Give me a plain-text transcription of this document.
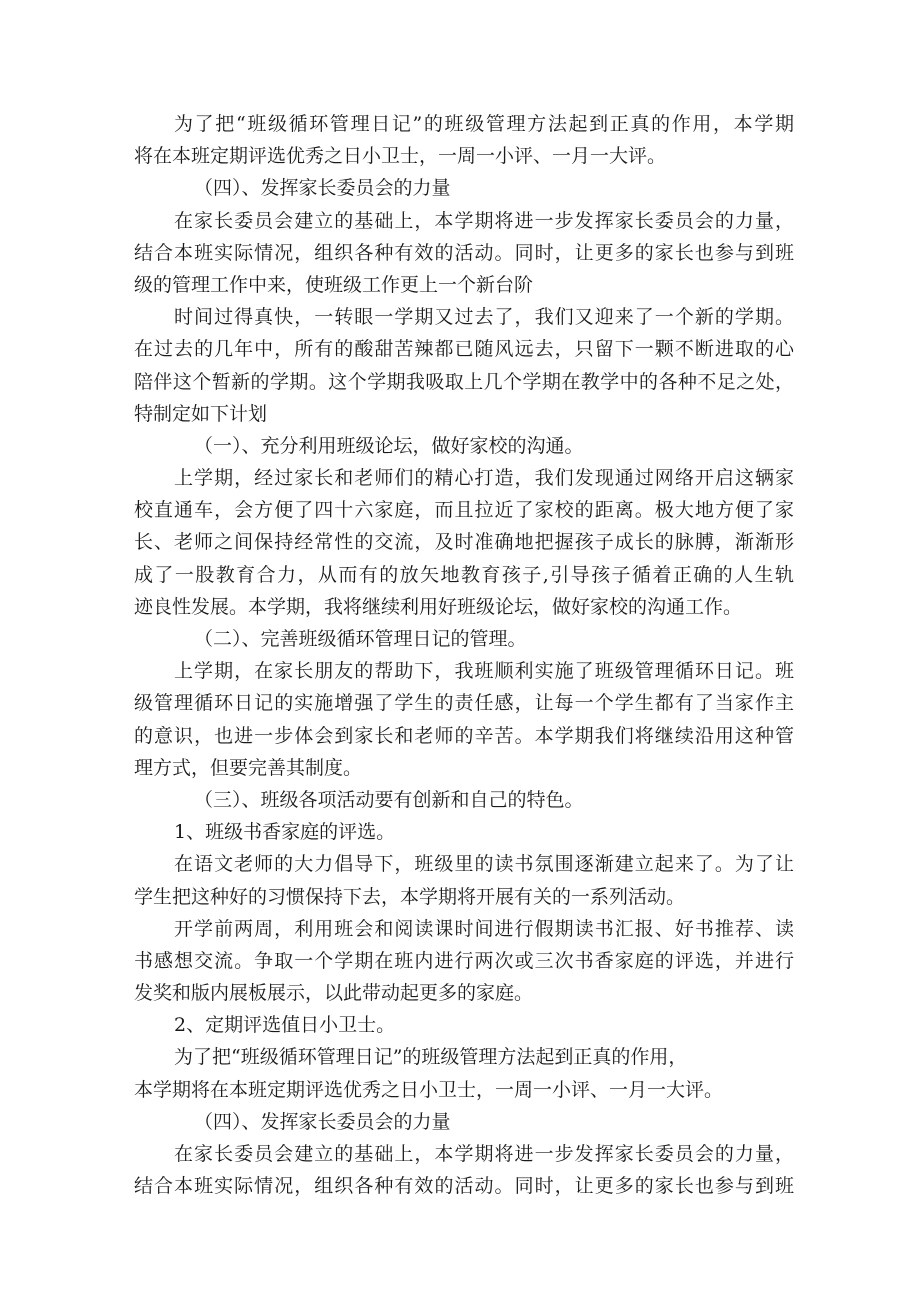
为了把“班级循环管理日记”的班级管理方法起到正真的作用，本学期
将在本班定期评选优秀之日小卫士，一周一小评、一月一大评。
（四）、发挥家长委员会的力量
在家长委员会建立的基础上，本学期将进一步发挥家长委员会的力量，
结合本班实际情况，组织各种有效的活动。同时，让更多的家长也参与到班
级的管理工作中来，使班级工作更上一个新台阶
时间过得真快，一转眼一学期又过去了，我们又迎来了一个新的学期。
在过去的几年中，所有的酸甜苦辣都已随风远去，只留下一颗不断进取的心
陪伴这个暂新的学期。这个学期我吸取上几个学期在教学中的各种不足之处，
特制定如下计划
（一）、充分利用班级论坛，做好家校的沟通。
上学期，经过家长和老师们的精心打造，我们发现通过网络开启这辆家
校直通车，会方便了四十六家庭，而且拉近了家校的距离。极大地方便了家
长、老师之间保持经常性的交流，及时准确地把握孩子成长的脉膊，渐渐形
成了一股教育合力，从而有的放矢地教育孩子,引导孩子循着正确的人生轨
迹良性发展。本学期，我将继续利用好班级论坛，做好家校的沟通工作。
（二）、完善班级循环管理日记的管理。
上学期，在家长朋友的帮助下，我班顺利实施了班级管理循环日记。班
级管理循环日记的实施增强了学生的责任感，让每一个学生都有了当家作主
的意识，也进一步体会到家长和老师的辛苦。本学期我们将继续沿用这种管
理方式，但要完善其制度。
（三）、班级各项活动要有创新和自己的特色。
1、班级书香家庭的评选。
在语文老师的大力倡导下，班级里的读书氛围逐渐建立起来了。为了让
学生把这种好的习惯保持下去，本学期将开展有关的一系列活动。
开学前两周，利用班会和阅读课时间进行假期读书汇报、好书推荐、读
书感想交流。争取一个学期在班内进行两次或三次书香家庭的评选，并进行
发奖和版内展板展示，以此带动起更多的家庭。
2、定期评选值日小卫士。
为了把“班级循环管理日记”的班级管理方法起到正真的作用，
本学期将在本班定期评选优秀之日小卫士，一周一小评、一月一大评。
（四）、发挥家长委员会的力量
在家长委员会建立的基础上，本学期将进一步发挥家长委员会的力量，
结合本班实际情况，组织各种有效的活动。同时，让更多的家长也参与到班
